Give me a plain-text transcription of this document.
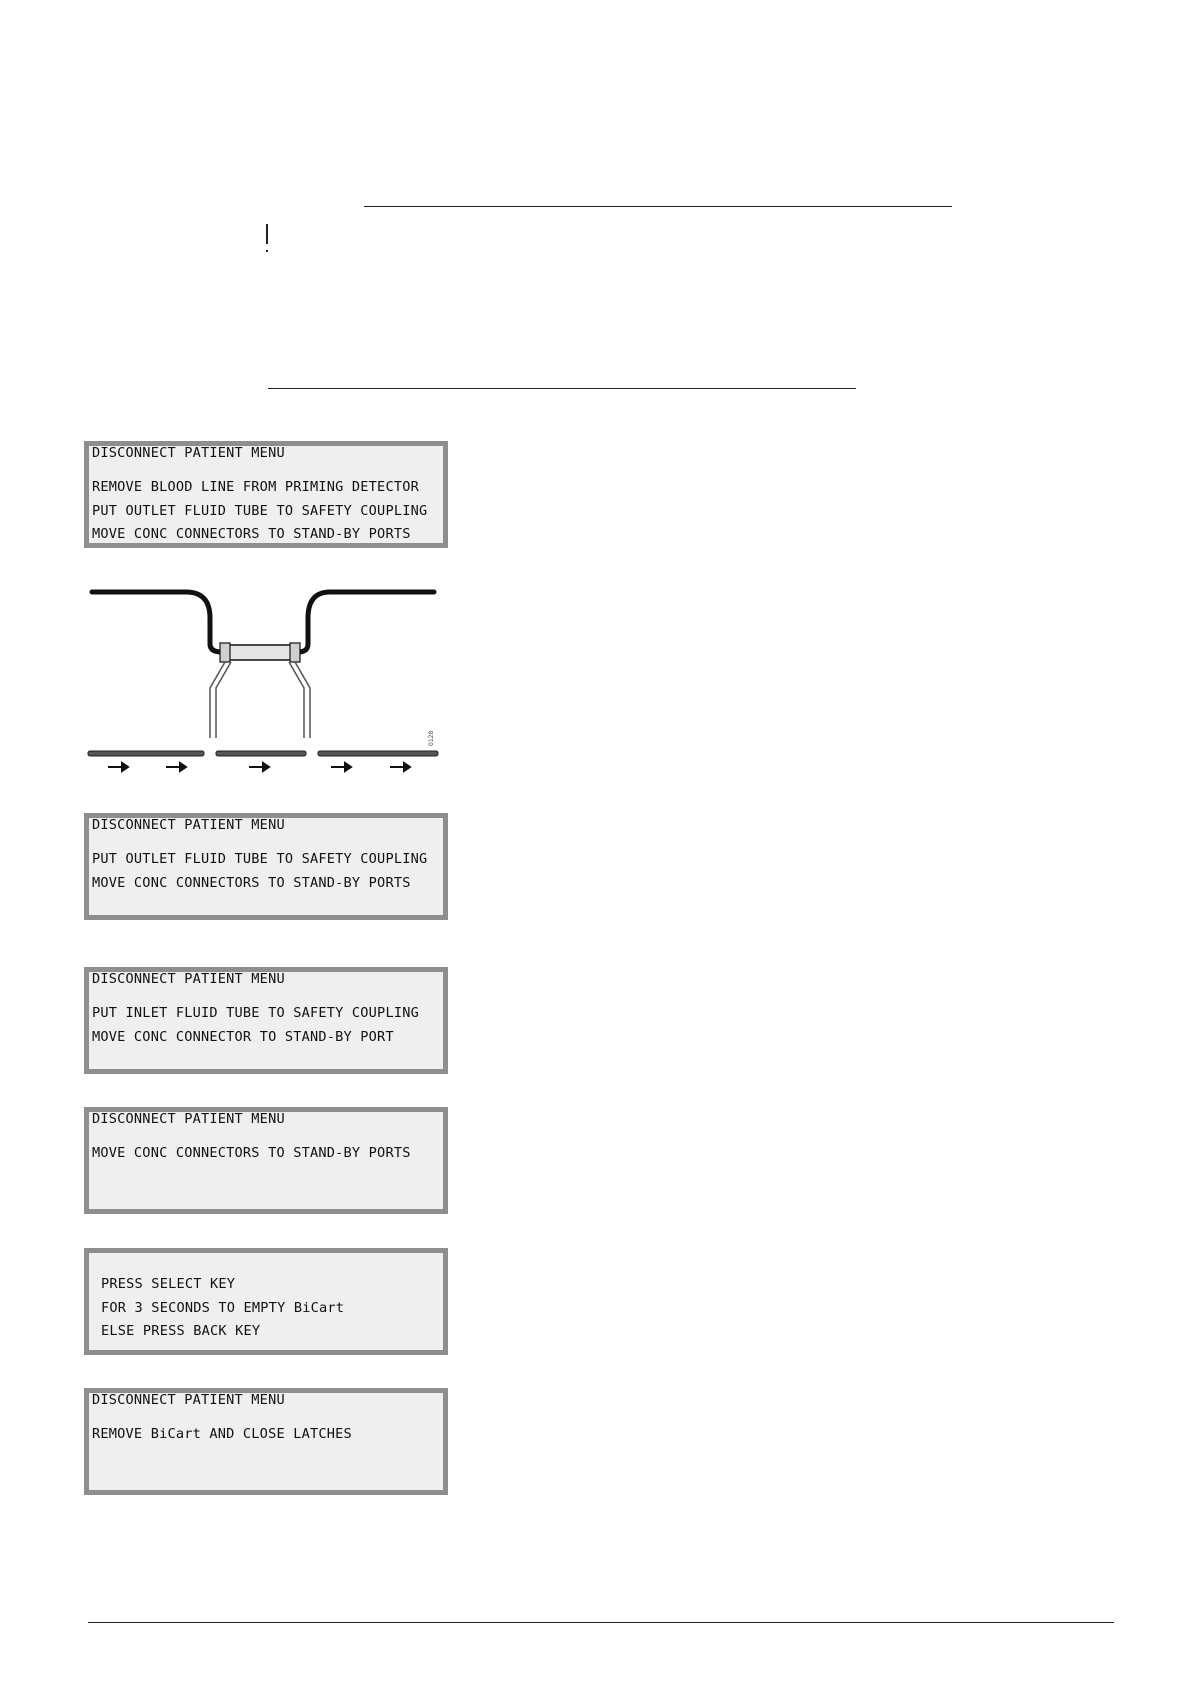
DISCONNECT PATIENT MENU
REMOVE BLOOD LINE FROM PRIMING DETECTOR
PUT OUTLET FLUID TUBE TO SAFETY COUPLING
MOVE CONC CONNECTORS TO STAND-BY PORTS
0128
DISCONNECT PATIENT MENU
PUT OUTLET FLUID TUBE TO SAFETY COUPLING
MOVE CONC CONNECTORS TO STAND-BY PORTS
DISCONNECT PATIENT MENU
PUT INLET FLUID TUBE TO SAFETY COUPLING
MOVE CONC CONNECTOR TO STAND-BY PORT
DISCONNECT PATIENT MENU
MOVE CONC CONNECTORS TO STAND-BY PORTS
PRESS SELECT KEY
FOR 3 SECONDS TO EMPTY BiCart
ELSE PRESS BACK KEY
DISCONNECT PATIENT MENU
REMOVE BiCart AND CLOSE LATCHES
